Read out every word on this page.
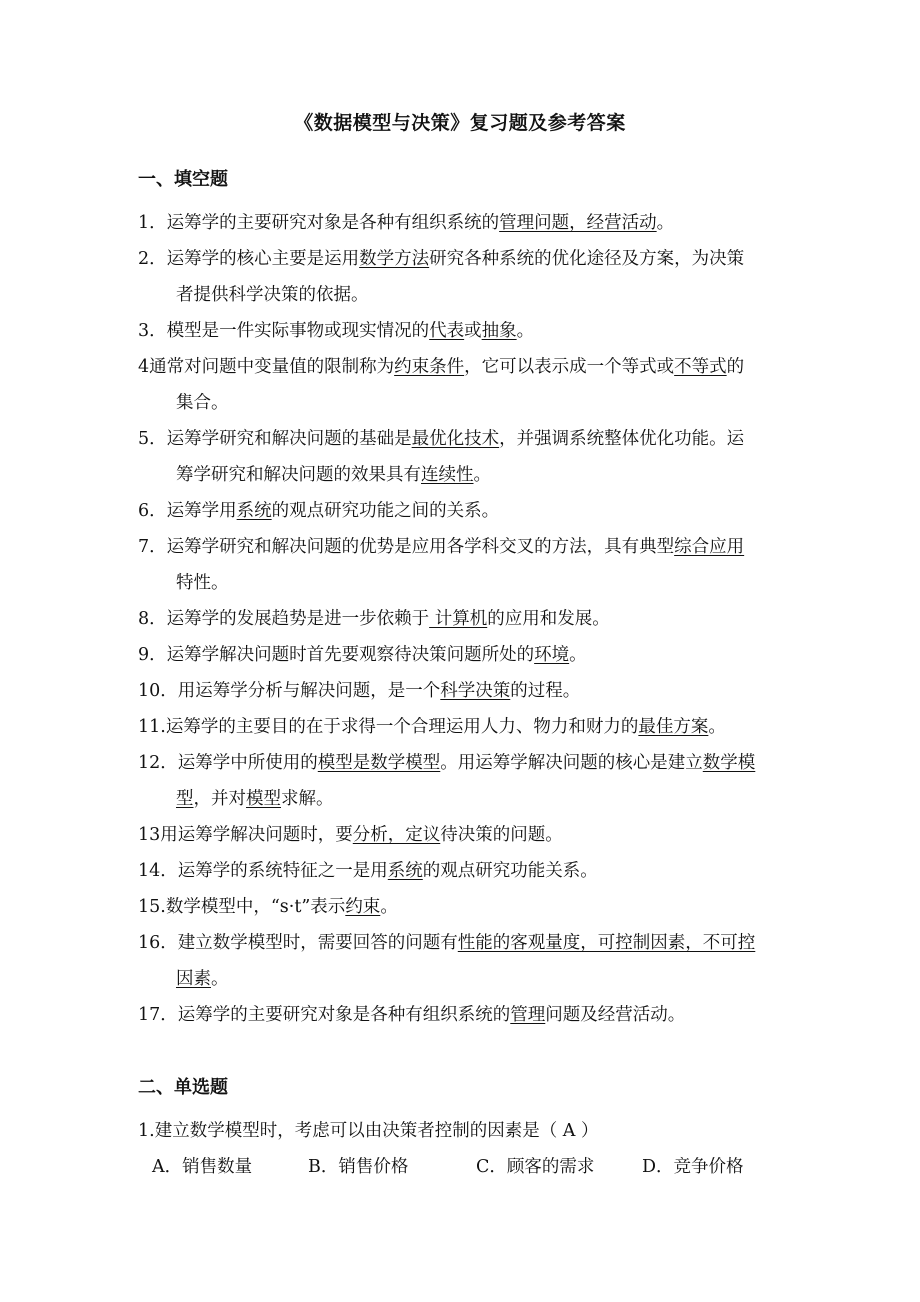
《数据模型与决策》复习题及参考答案
一、填空题
1．运筹学的主要研究对象是各种有组织系统的管理问题，经营活动。
2．运筹学的核心主要是运用数学方法研究各种系统的优化途径及方案，为决策
者提供科学决策的依据。
3．模型是一件实际事物或现实情况的代表或抽象。
4通常对问题中变量值的限制称为约束条件，它可以表示成一个等式或不等式的
集合。
5．运筹学研究和解决问题的基础是最优化技术，并强调系统整体优化功能。运
筹学研究和解决问题的效果具有连续性。
6．运筹学用系统的观点研究功能之间的关系。
7．运筹学研究和解决问题的优势是应用各学科交叉的方法，具有典型综合应用
特性。
8．运筹学的发展趋势是进一步依赖于 计算机的应用和发展。
9．运筹学解决问题时首先要观察待决策问题所处的环境。
10．用运筹学分析与解决问题，是一个科学决策的过程。
11.运筹学的主要目的在于求得一个合理运用人力、物力和财力的最佳方案。
12．运筹学中所使用的模型是数学模型。用运筹学解决问题的核心是建立数学模
型，并对模型求解。
13用运筹学解决问题时，要分析，定议待决策的问题。
14．运筹学的系统特征之一是用系统的观点研究功能关系。
15.数学模型中，“s·t”表示约束。
16．建立数学模型时，需要回答的问题有性能的客观量度，可控制因素，不可控
因素。
17．运筹学的主要研究对象是各种有组织系统的管理问题及经营活动。
二、单选题
1.建立数学模型时，考虑可以由决策者控制的因素是（ A ）
A．销售数量	B．销售价格	C．顾客的需求	D．竞争价格
